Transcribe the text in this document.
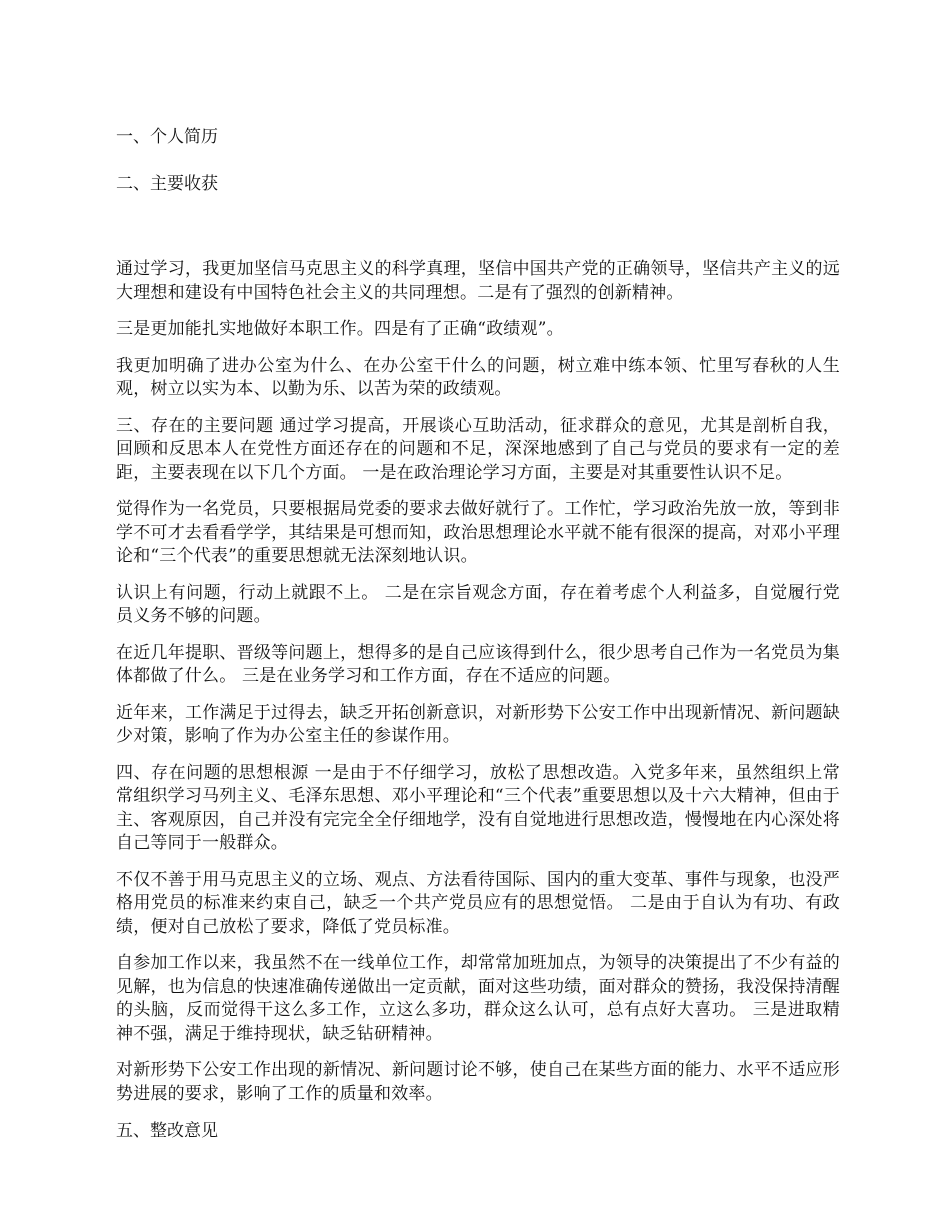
一、个人简历
二、主要收获

通过学习，我更加坚信马克思主义的科学真理，坚信中国共产党的正确领导，坚信共产主义的远大理想和建设有中国特色社会主义的共同理想。二是有了强烈的创新精神。

三是更加能扎实地做好本职工作。四是有了正确“政绩观”。

我更加明确了进办公室为什么、在办公室干什么的问题，树立难中练本领、忙里写春秋的人生观，树立以实为本、以勤为乐、以苦为荣的政绩观。

三、存在的主要问题 通过学习提高，开展谈心互助活动，征求群众的意见，尤其是剖析自我，回顾和反思本人在党性方面还存在的问题和不足，深深地感到了自己与党员的要求有一定的差距，主要表现在以下几个方面。 一是在政治理论学习方面，主要是对其重要性认识不足。

觉得作为一名党员，只要根据局党委的要求去做好就行了。工作忙，学习政治先放一放，等到非学不可才去看看学学，其结果是可想而知，政治思想理论水平就不能有很深的提高，对邓小平理论和“三个代表”的重要思想就无法深刻地认识。

认识上有问题，行动上就跟不上。 二是在宗旨观念方面，存在着考虑个人利益多，自觉履行党员义务不够的问题。

在近几年提职、晋级等问题上，想得多的是自己应该得到什么，很少思考自己作为一名党员为集体都做了什么。 三是在业务学习和工作方面，存在不适应的问题。

近年来，工作满足于过得去，缺乏开拓创新意识，对新形势下公安工作中出现新情况、新问题缺少对策，影响了作为办公室主任的参谋作用。

四、存在问题的思想根源 一是由于不仔细学习，放松了思想改造。入党多年来，虽然组织上常常组织学习马列主义、毛泽东思想、邓小平理论和“三个代表”重要思想以及十六大精神，但由于主、客观原因，自己并没有完完全全仔细地学，没有自觉地进行思想改造，慢慢地在内心深处将自己等同于一般群众。

不仅不善于用马克思主义的立场、观点、方法看待国际、国内的重大变革、事件与现象，也没严格用党员的标准来约束自己，缺乏一个共产党员应有的思想觉悟。 二是由于自认为有功、有政绩，便对自己放松了要求，降低了党员标准。

自参加工作以来，我虽然不在一线单位工作，却常常加班加点，为领导的决策提出了不少有益的见解，也为信息的快速准确传递做出一定贡献，面对这些功绩，面对群众的赞扬，我没保持清醒的头脑，反而觉得干这么多工作，立这么多功，群众这么认可，总有点好大喜功。 三是进取精神不强，满足于维持现状，缺乏钻研精神。

对新形势下公安工作出现的新情况、新问题讨论不够，使自己在某些方面的能力、水平不适应形势进展的要求，影响了工作的质量和效率。

五、整改意见
